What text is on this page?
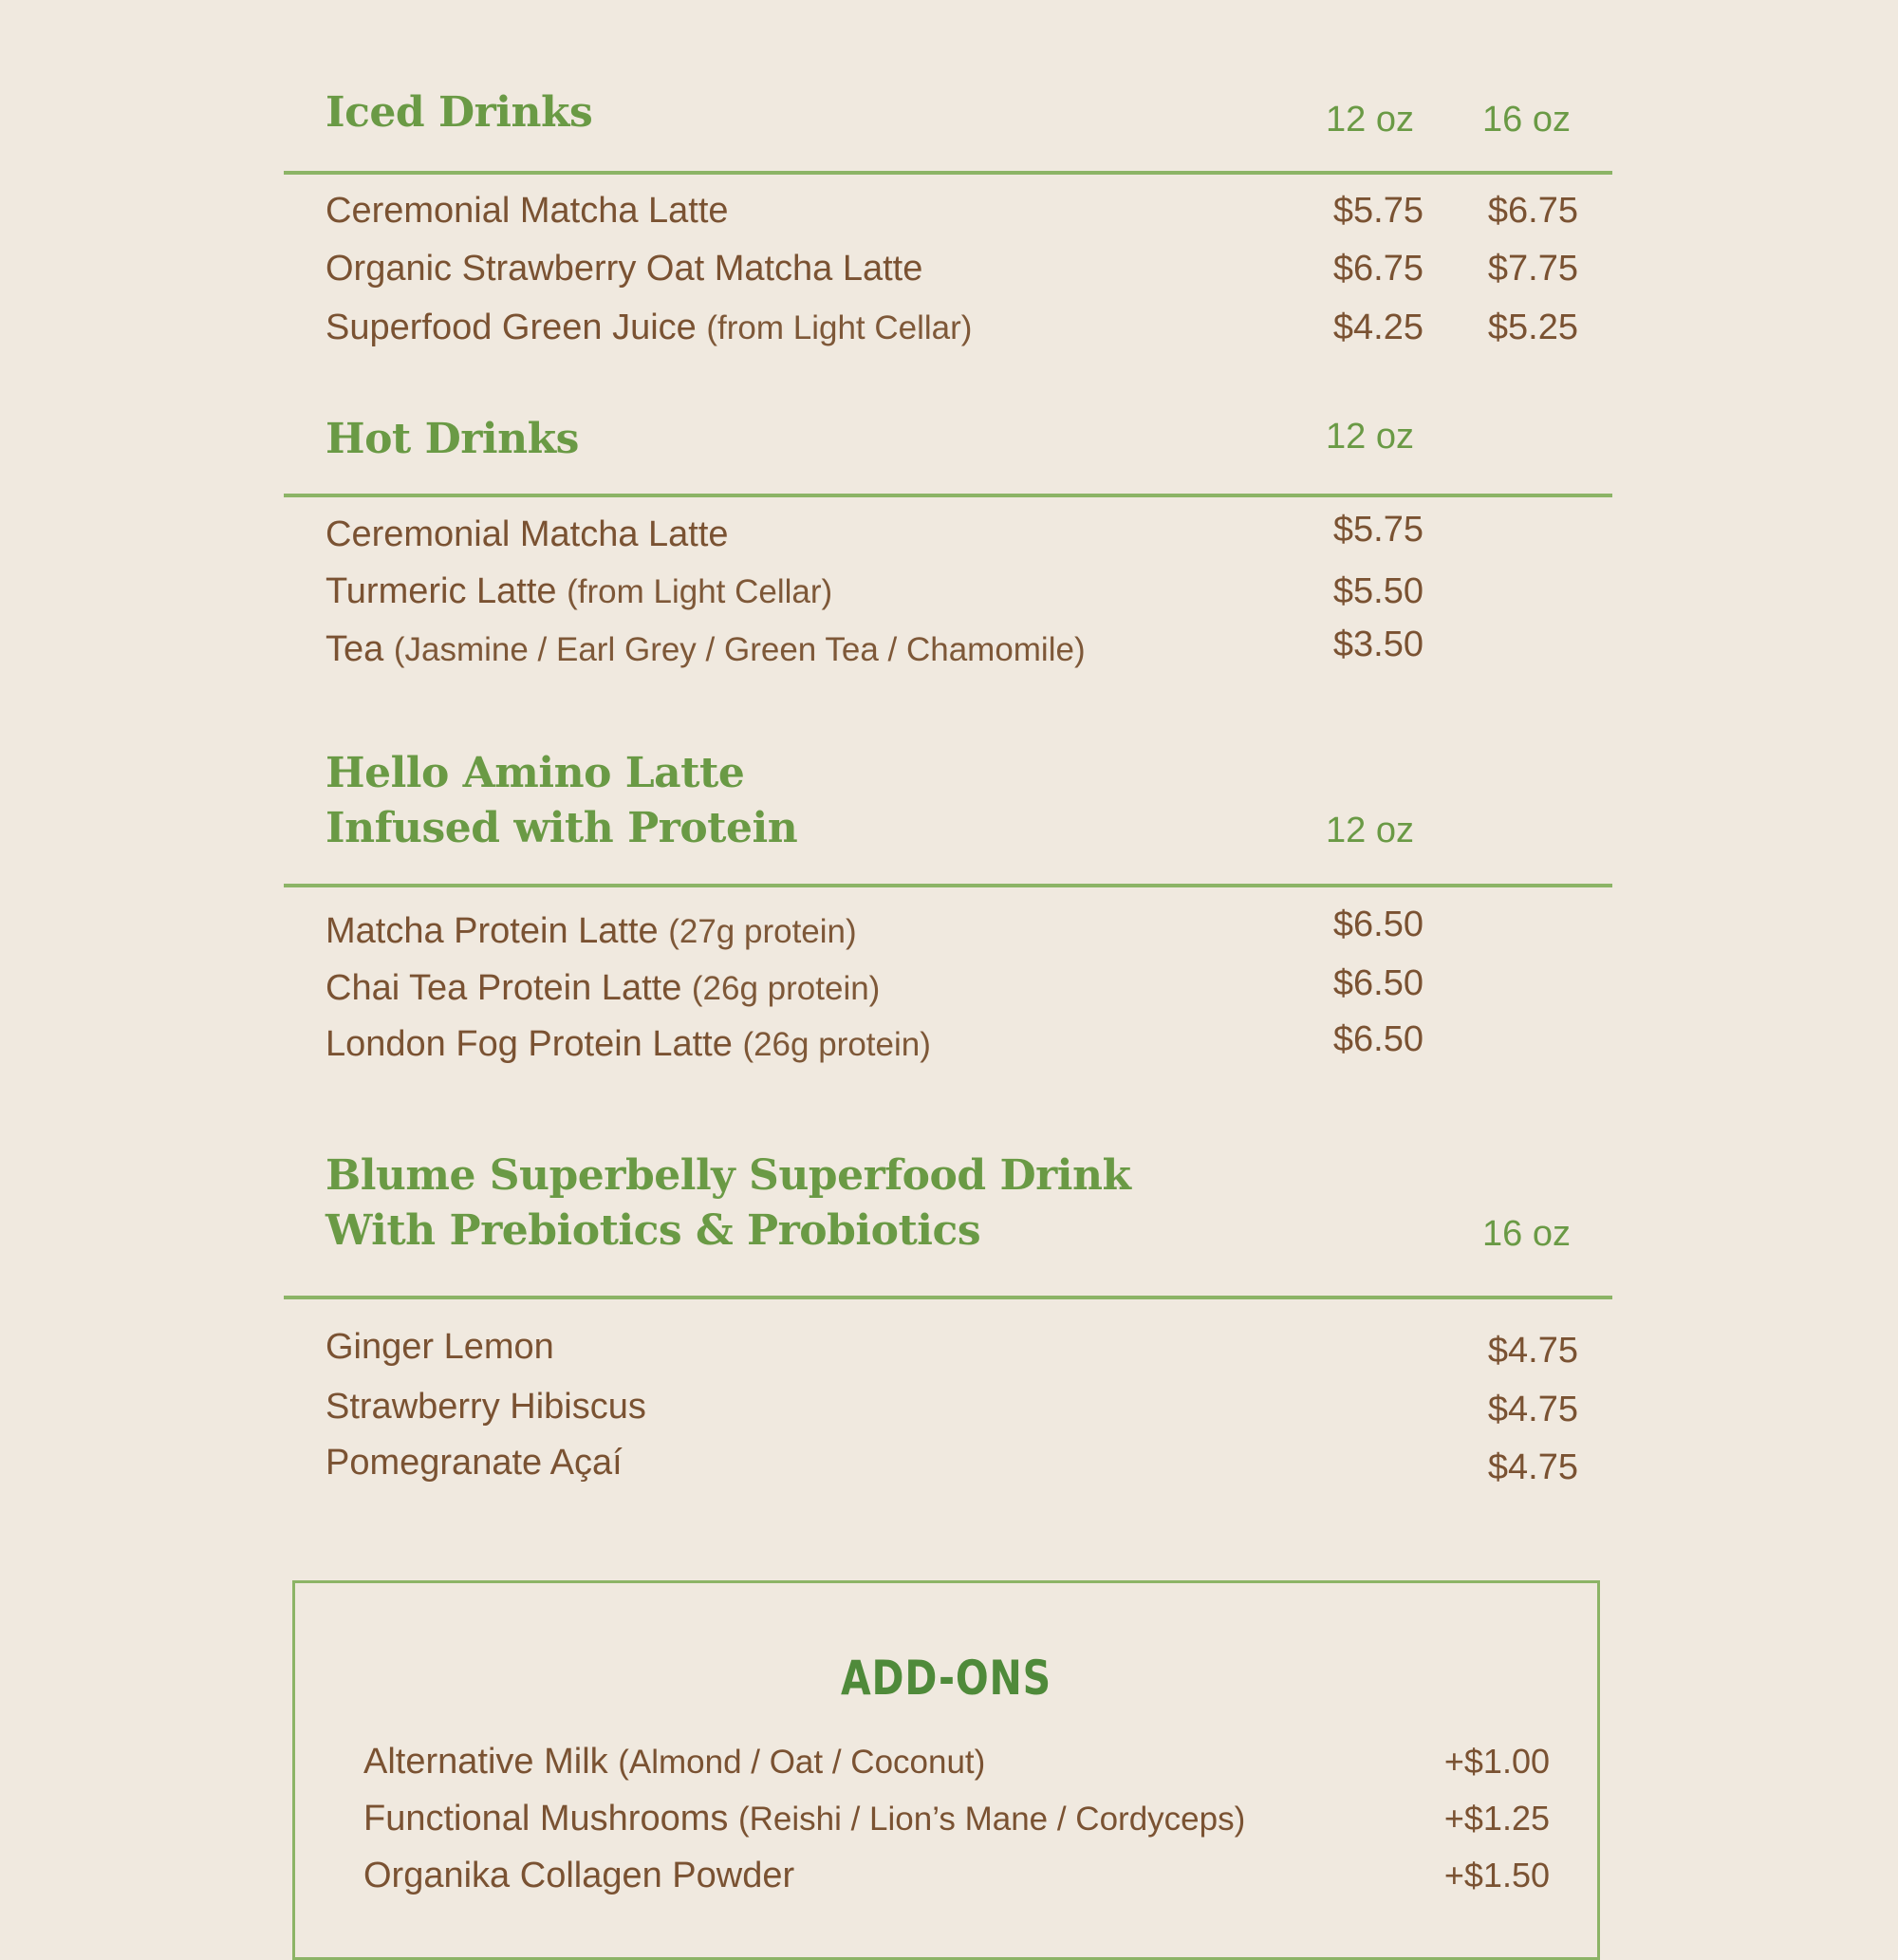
Iced Drinks	12 oz	16 oz
Ceremonial Matcha Latte	$5.75	$6.75
Organic Strawberry Oat Matcha Latte	$6.75	$7.75
Superfood Green Juice (from Light Cellar)	$4.25	$5.25
Hot Drinks	12 oz
Ceremonial Matcha Latte	$5.75
Turmeric Latte (from Light Cellar)	$5.50
Tea (Jasmine / Earl Grey / Green Tea / Chamomile)	$3.50
Hello Amino Latte
Infused with Protein	12 oz
Matcha Protein Latte (27g protein)	$6.50
Chai Tea Protein Latte (26g protein)	$6.50
London Fog Protein Latte (26g protein)	$6.50
Blume Superbelly Superfood Drink
With Prebiotics & Probiotics	16 oz
Ginger Lemon	$4.75
Strawberry Hibiscus	$4.75
Pomegranate Açaí	$4.75
ADD-ONS
Alternative Milk (Almond / Oat / Coconut)	+$1.00
Functional Mushrooms (Reishi / Lion’s Mane / Cordyceps)	+$1.25
Organika Collagen Powder	+$1.50
